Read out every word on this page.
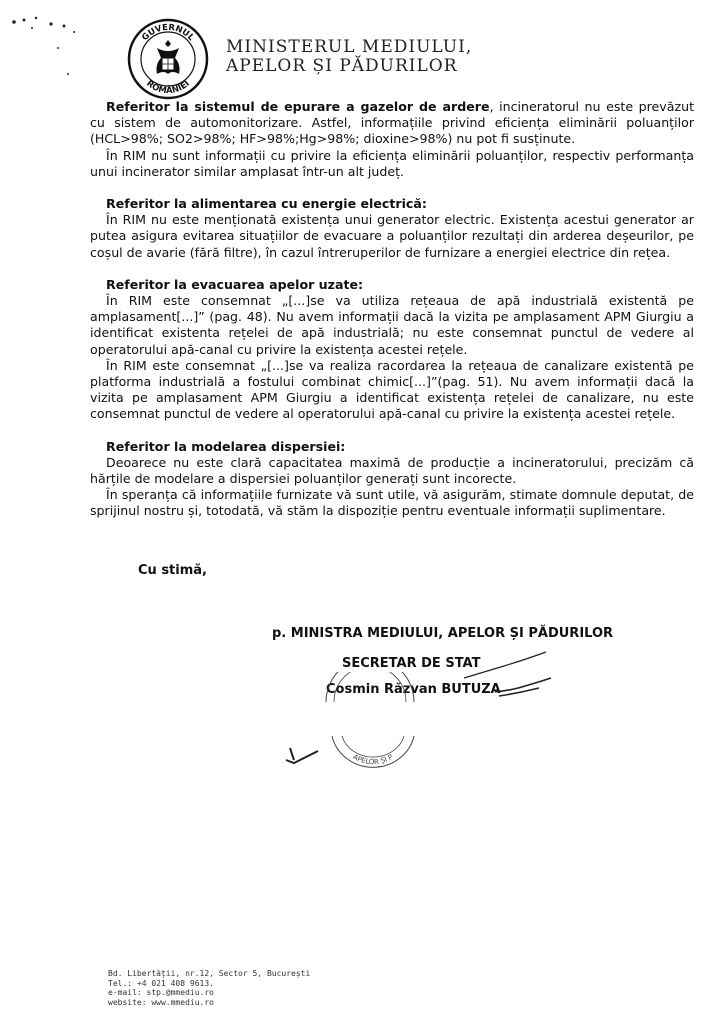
GUVERNUL
ROMÂNIEI
MINISTERUL MEDIULUI,
APELOR ȘI PĂDURILOR

Referitor la sistemul de epurare a gazelor de ardere, incineratorul nu este prevăzut cu sistem de automonitorizare. Astfel, informațiile privind eficiența eliminării poluanților (HCL>98%; SO2>98%; HF>98%;Hg>98%; dioxine>98%) nu pot fi susținute.

În RIM nu sunt informații cu privire la eficiența eliminării poluanților, respectiv performanța unui incinerator similar amplasat într-un alt județ.

Referitor la alimentarea cu energie electrică:

În RIM nu este menționată existența unui generator electric. Existența acestui generator ar putea asigura evitarea situațiilor de evacuare a poluanților rezultați din arderea deșeurilor, pe coșul de avarie (fără filtre), în cazul întreruperilor de furnizare a energiei electrice din rețea.

Referitor la evacuarea apelor uzate:

În RIM este consemnat „[...]se va utiliza rețeaua de apă industrială existentă pe amplasament[...]” (pag. 48). Nu avem informații dacă la vizita pe amplasament APM Giurgiu a identificat existenta rețelei de apă industrială; nu este consemnat punctul de vedere al operatorului apă-canal cu privire la existența acestei rețele.

În RIM este consemnat „[...]se va realiza racordarea la rețeaua de canalizare existentă pe platforma industrială a fostului combinat chimic[...]”(pag. 51). Nu avem informații dacă la vizita pe amplasament APM Giurgiu a identificat existența rețelei de canalizare, nu este consemnat punctul de vedere al operatorului apă-canal cu privire la existența acestei rețele.

Referitor la modelarea dispersiei:

Deoarece nu este clară capacitatea maximă de producție a incineratorului, precizăm că hărțile de modelare a dispersiei poluanților generați sunt incorecte.

În speranța că informațiile furnizate vă sunt utile, vă asigurăm, stimate domnule deputat, de sprijinul nostru și, totodată, vă stăm la dispoziție pentru eventuale informații suplimentare.

Cu stimă,
p. MINISTRA MEDIULUI, APELOR ȘI PĂDURILOR
SECRETAR DE STAT
Cosmin Răzvan BUTUZA
APELOR ȘI P
Bd. Libertății, nr.12, Sector 5, București
Tel.: +4 021 408 9613.
e-mail: stp.@mmediu.ro
website: www.mmediu.ro
